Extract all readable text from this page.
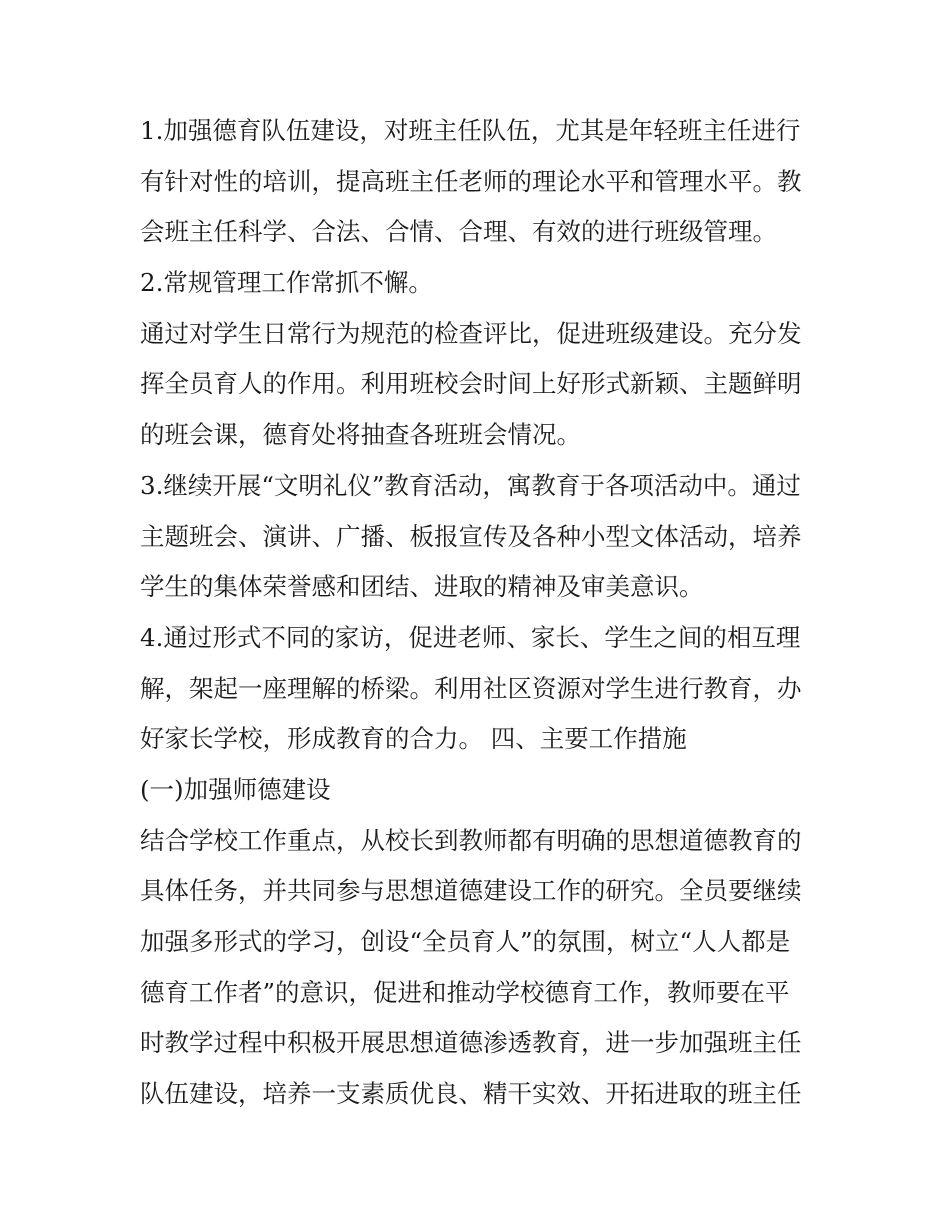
1.加强德育队伍建设，对班主任队伍，尤其是年轻班主任进行
有针对性的培训，提高班主任老师的理论水平和管理水平。教
会班主任科学、合法、合情、合理、有效的进行班级管理。
2.常规管理工作常抓不懈。
通过对学生日常行为规范的检查评比，促进班级建设。充分发
挥全员育人的作用。利用班校会时间上好形式新颖、主题鲜明
的班会课，德育处将抽查各班班会情况。
3.继续开展“文明礼仪”教育活动，寓教育于各项活动中。通过
主题班会、演讲、广播、板报宣传及各种小型文体活动，培养
学生的集体荣誉感和团结、进取的精神及审美意识。
4.通过形式不同的家访，促进老师、家长、学生之间的相互理
解，架起一座理解的桥梁。利用社区资源对学生进行教育，办
好家长学校，形成教育的合力。 四、主要工作措施
(一)加强师德建设
结合学校工作重点，从校长到教师都有明确的思想道德教育的
具体任务，并共同参与思想道德建设工作的研究。全员要继续
加强多形式的学习，创设“全员育人”的氛围，树立“人人都是
德育工作者”的意识，促进和推动学校德育工作，教师要在平
时教学过程中积极开展思想道德渗透教育，进一步加强班主任
队伍建设，培养一支素质优良、精干实效、开拓进取的班主任
